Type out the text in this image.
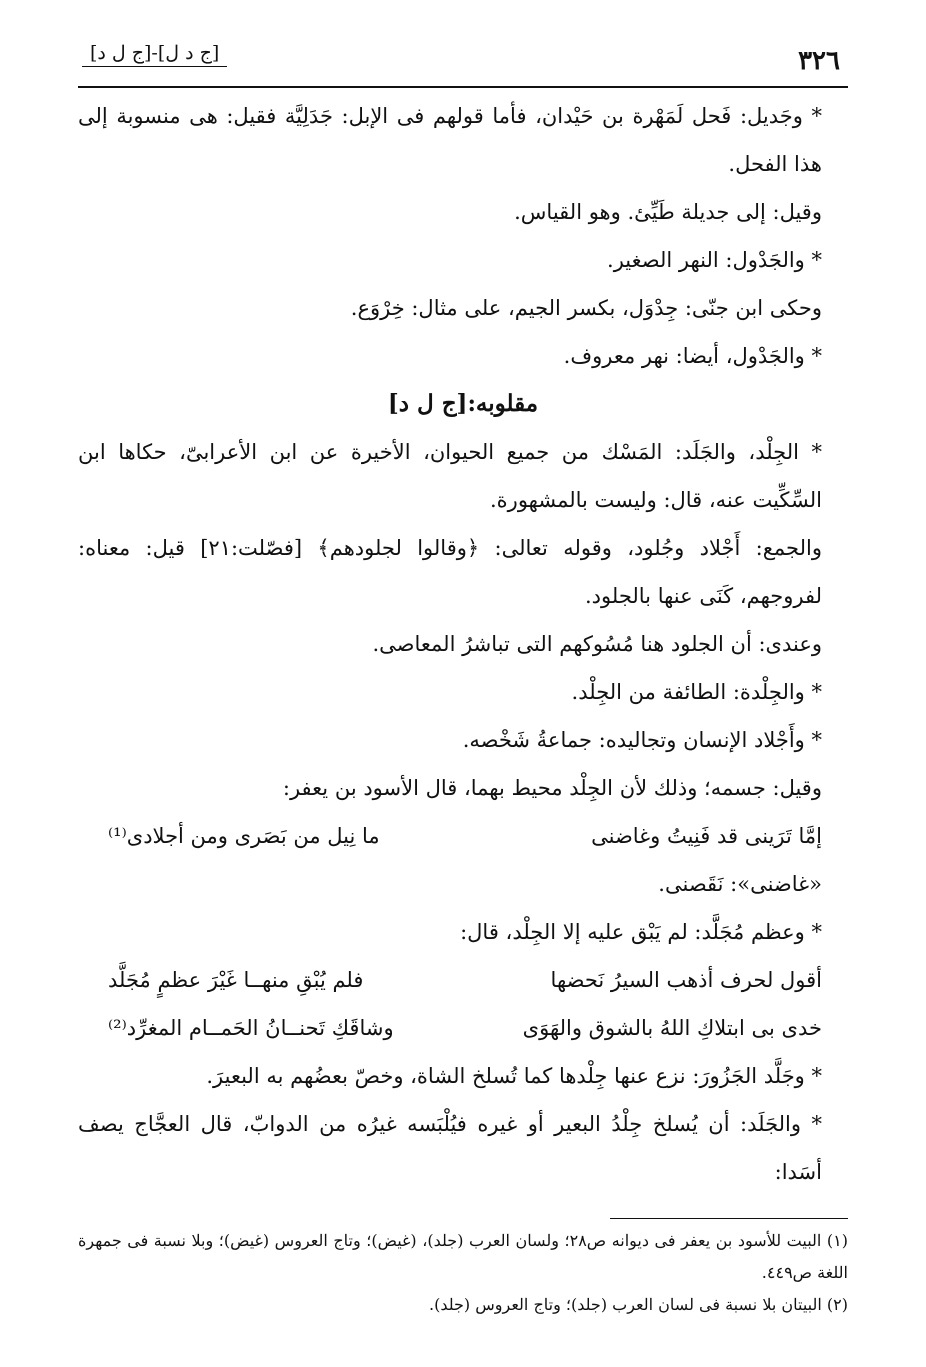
٣٢٦
[ج د ل]-[ج ل د]

* وجَديل: فَحل لَمَهْرة بن حَيْدان، فأما قولهم فى الإبل: جَدَلِيَّة فقيل: هى منسوبة إلى هذا الفحل.

وقيل: إلى جديلة طَيِّئ. وهو القياس.

* والجَدْول: النهر الصغير.

وحكى ابن جنّى: جِدْوَل، بكسر الجيم، على مثال: خِرْوَع.

* والجَدْول، أيضا: نهر معروف.

مقلوبه:[ج ل د]

* الجِلْد، والجَلَد: المَسْك من جميع الحيوان، الأخيرة عن ابن الأعرابىّ، حكاها ابن السِّكِّيت عنه، قال: وليست بالمشهورة.

والجمع: أَجْلاد وجُلود، وقوله تعالى: ﴿وقالوا لجلودهم﴾ [فصّلت:٢١] قيل: معناه: لفروجهم، كَنَى عنها بالجلود.

وعندى: أن الجلود هنا مُسُوكهم التى تباشرُ المعاصى.

* والجِلْدة: الطائفة من الجِلْد.

* وأَجْلاد الإنسان وتجاليده: جماعةُ شَخْصه.

وقيل: جسمه؛ وذلك لأن الجِلْد محيط بهما، قال الأسود بن يعفر:

إمَّا تَرَينى قد فَنِيتُ وغاضنى
ما نِيل من بَصَرى ومن أجلادى⁽¹⁾

«غاضنى»: نَقَصنى.

* وعظم مُجَلَّد: لم يَبْق عليه إلا الجِلْد، قال:

أقول لحرف أذهب السيرُ نَحضها
فلم يُبْقِ منهــا غَيْرَ عظمٍ مُجَلَّد
خدى بى ابتلاكِ اللهُ بالشوق والهَوَى
وشاقَكِ تَحنــانُ الحَمــام المغرِّد⁽²⁾

* وجَلَّد الجَزُورَ: نزع عنها جِلْدها كما تُسلخ الشاة، وخصّ بعضُهم به البعيرَ.

* والجَلَد: أن يُسلخ جِلْدُ البعير أو غيره فيُلْبَسه غيرُه من الدوابّ، قال العجَّاج يصف أسَدا:

(١) البيت للأسود بن يعفر فى ديوانه ص٢٨؛ ولسان العرب (جلد)، (غيض)؛ وتاج العروس (غيض)؛ وبلا نسبة فى جمهرة اللغة ص٤٤٩.

(٢) البيتان بلا نسبة فى لسان العرب (جلد)؛ وتاج العروس (جلد).
